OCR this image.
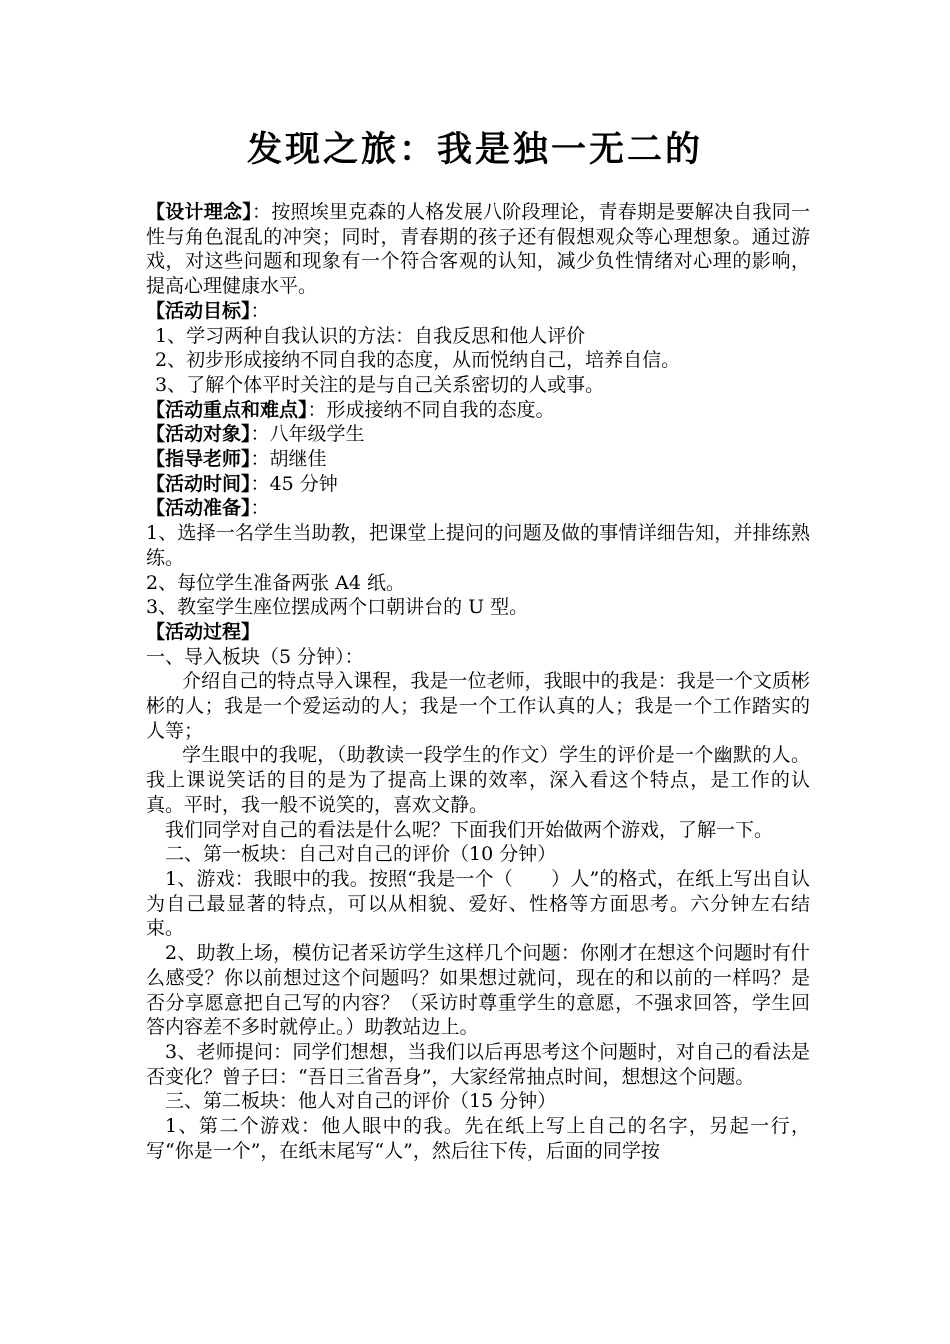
发现之旅：我是独一无二的

【设计理念】：按照埃里克森的人格发展八阶段理论，青春期是要解决自我同一性与角色混乱的冲突；同时，青春期的孩子还有假想观众等心理想象。通过游戏，对这些问题和现象有一个符合客观的认知，减少负性情绪对心理的影响，提高心理健康水平。

【活动目标】：

1、学习两种自我认识的方法：自我反思和他人评价

2、初步形成接纳不同自我的态度，从而悦纳自己，培养自信。

3、了解个体平时关注的是与自己关系密切的人或事。

【活动重点和难点】：形成接纳不同自我的态度。

【活动对象】：八年级学生

【指导老师】：胡继佳

【活动时间】：45 分钟

【活动准备】：

1、选择一名学生当助教，把课堂上提问的问题及做的事情详细告知，并排练熟练。

2、每位学生准备两张 A4 纸。

3、教室学生座位摆成两个口朝讲台的 U 型。

【活动过程】

一、导入板块（5 分钟）：

介绍自己的特点导入课程，我是一位老师，我眼中的我是：我是一个文质彬彬的人；我是一个爱运动的人；我是一个工作认真的人；我是一个工作踏实的人等；

学生眼中的我呢，（助教读一段学生的作文）学生的评价是一个幽默的人。我上课说笑话的目的是为了提高上课的效率，深入看这个特点，是工作的认真。平时，我一般不说笑的，喜欢文静。

我们同学对自己的看法是什么呢？下面我们开始做两个游戏，了解一下。

二、第一板块：自己对自己的评价（10 分钟）

1、游戏：我眼中的我。按照“我是一个（　　）人”的格式，在纸上写出自认为自己最显著的特点，可以从相貌、爱好、性格等方面思考。六分钟左右结束。

2、助教上场，模仿记者采访学生这样几个问题：你刚才在想这个问题时有什么感受？你以前想过这个问题吗？如果想过就问，现在的和以前的一样吗？是否分享愿意把自己写的内容？（采访时尊重学生的意愿，不强求回答，学生回答内容差不多时就停止。）助教站边上。

3、老师提问：同学们想想，当我们以后再思考这个问题时，对自己的看法是否变化？曾子曰：“吾日三省吾身”，大家经常抽点时间，想想这个问题。

三、第二板块：他人对自己的评价（15 分钟）

1、第二个游戏：他人眼中的我。先在纸上写上自己的名字，另起一行，写“你是一个”，在纸末尾写“人”，然后往下传，后面的同学按
